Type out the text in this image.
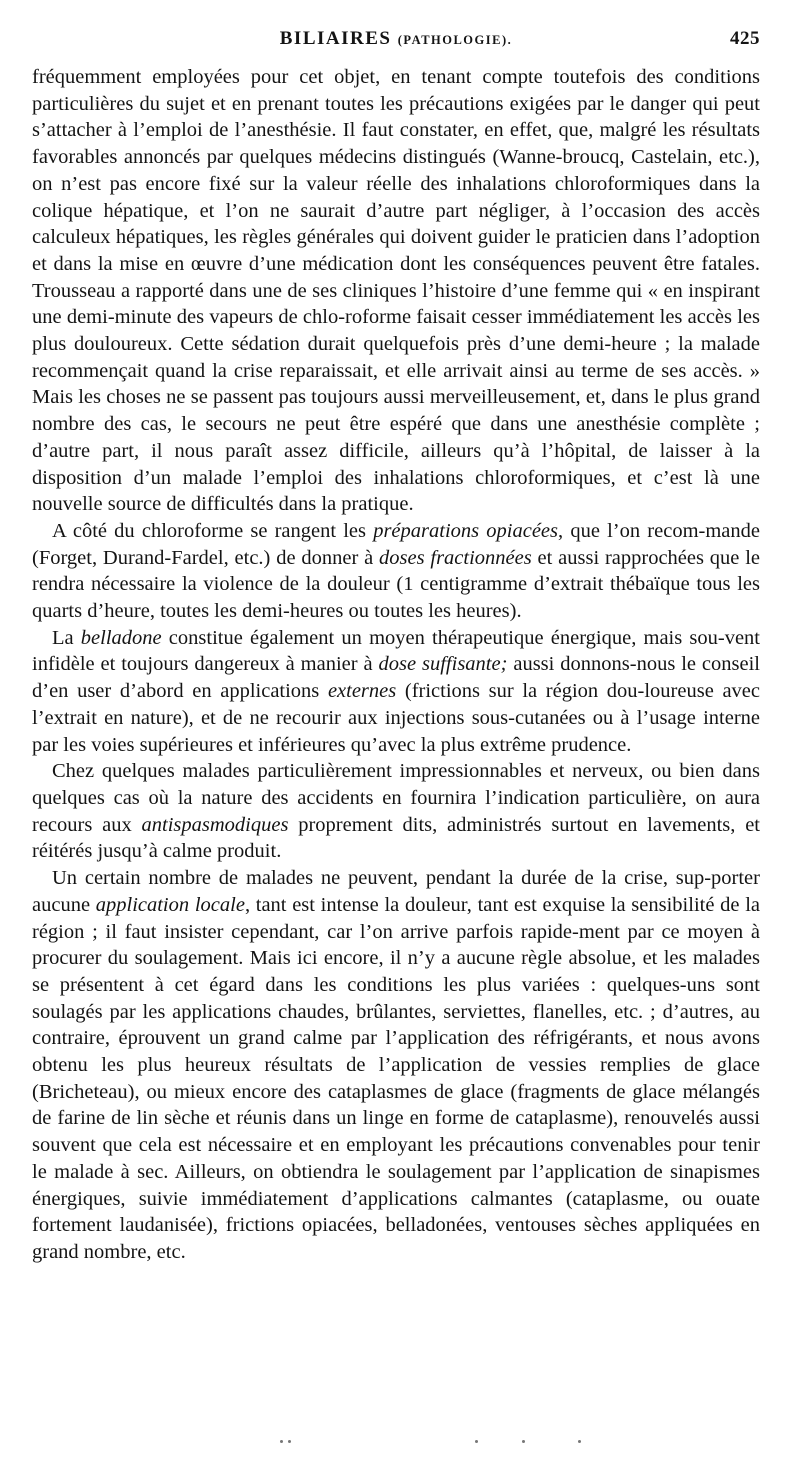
BILIAIRES (PATHOLOGIE).	425

fréquemment employées pour cet objet, en tenant compte toutefois des conditions particulières du sujet et en prenant toutes les précautions exigées par le danger qui peut s’attacher à l’emploi de l’anesthésie. Il faut constater, en effet, que, malgré les résultats favorables annoncés par quelques médecins distingués (Wanne-broucq, Castelain, etc.), on n’est pas encore fixé sur la valeur réelle des inhalations chloroformiques dans la colique hépatique, et l’on ne saurait d’autre part négliger, à l’occasion des accès calculeux hépatiques, les règles générales qui doivent guider le praticien dans l’adoption et dans la mise en œuvre d’une médication dont les conséquences peuvent être fatales. Trousseau a rapporté dans une de ses cliniques l’histoire d’une femme qui « en inspirant une demi-minute des vapeurs de chlo-roforme faisait cesser immédiatement les accès les plus douloureux. Cette sédation durait quelquefois près d’une demi-heure ; la malade recommençait quand la crise reparaissait, et elle arrivait ainsi au terme de ses accès. » Mais les choses ne se passent pas toujours aussi merveilleusement, et, dans le plus grand nombre des cas, le secours ne peut être espéré que dans une anesthésie complète ; d’autre part, il nous paraît assez difficile, ailleurs qu’à l’hôpital, de laisser à la disposition d’un malade l’emploi des inhalations chloroformiques, et c’est là une nouvelle source de difficultés dans la pratique.

A côté du chloroforme se rangent les préparations opiacées, que l’on recom-mande (Forget, Durand-Fardel, etc.) de donner à doses fractionnées et aussi rapprochées que le rendra nécessaire la violence de la douleur (1 centigramme d’extrait thébaïque tous les quarts d’heure, toutes les demi-heures ou toutes les heures).

La belladone constitue également un moyen thérapeutique énergique, mais sou-vent infidèle et toujours dangereux à manier à dose suffisante; aussi donnons-nous le conseil d’en user d’abord en applications externes (frictions sur la région dou-loureuse avec l’extrait en nature), et de ne recourir aux injections sous-cutanées ou à l’usage interne par les voies supérieures et inférieures qu’avec la plus extrême prudence.

Chez quelques malades particulièrement impressionnables et nerveux, ou bien dans quelques cas où la nature des accidents en fournira l’indication particulière, on aura recours aux antispasmodiques proprement dits, administrés surtout en lavements, et réitérés jusqu’à calme produit.

Un certain nombre de malades ne peuvent, pendant la durée de la crise, sup-porter aucune application locale, tant est intense la douleur, tant est exquise la sensibilité de la région ; il faut insister cependant, car l’on arrive parfois rapide-ment par ce moyen à procurer du soulagement. Mais ici encore, il n’y a aucune règle absolue, et les malades se présentent à cet égard dans les conditions les plus variées : quelques-uns sont soulagés par les applications chaudes, brûlantes, serviettes, flanelles, etc. ; d’autres, au contraire, éprouvent un grand calme par l’application des réfrigérants, et nous avons obtenu les plus heureux résultats de l’application de vessies remplies de glace (Bricheteau), ou mieux encore des cataplasmes de glace (fragments de glace mélangés de farine de lin sèche et réunis dans un linge en forme de cataplasme), renouvelés aussi souvent que cela est nécessaire et en employant les précautions convenables pour tenir le malade à sec. Ailleurs, on obtiendra le soulagement par l’application de sinapismes énergiques, suivie immédiatement d’applications calmantes (cataplasme, ou ouate fortement laudanisée), frictions opiacées, belladonées, ventouses sèches appliquées en grand nombre, etc.
